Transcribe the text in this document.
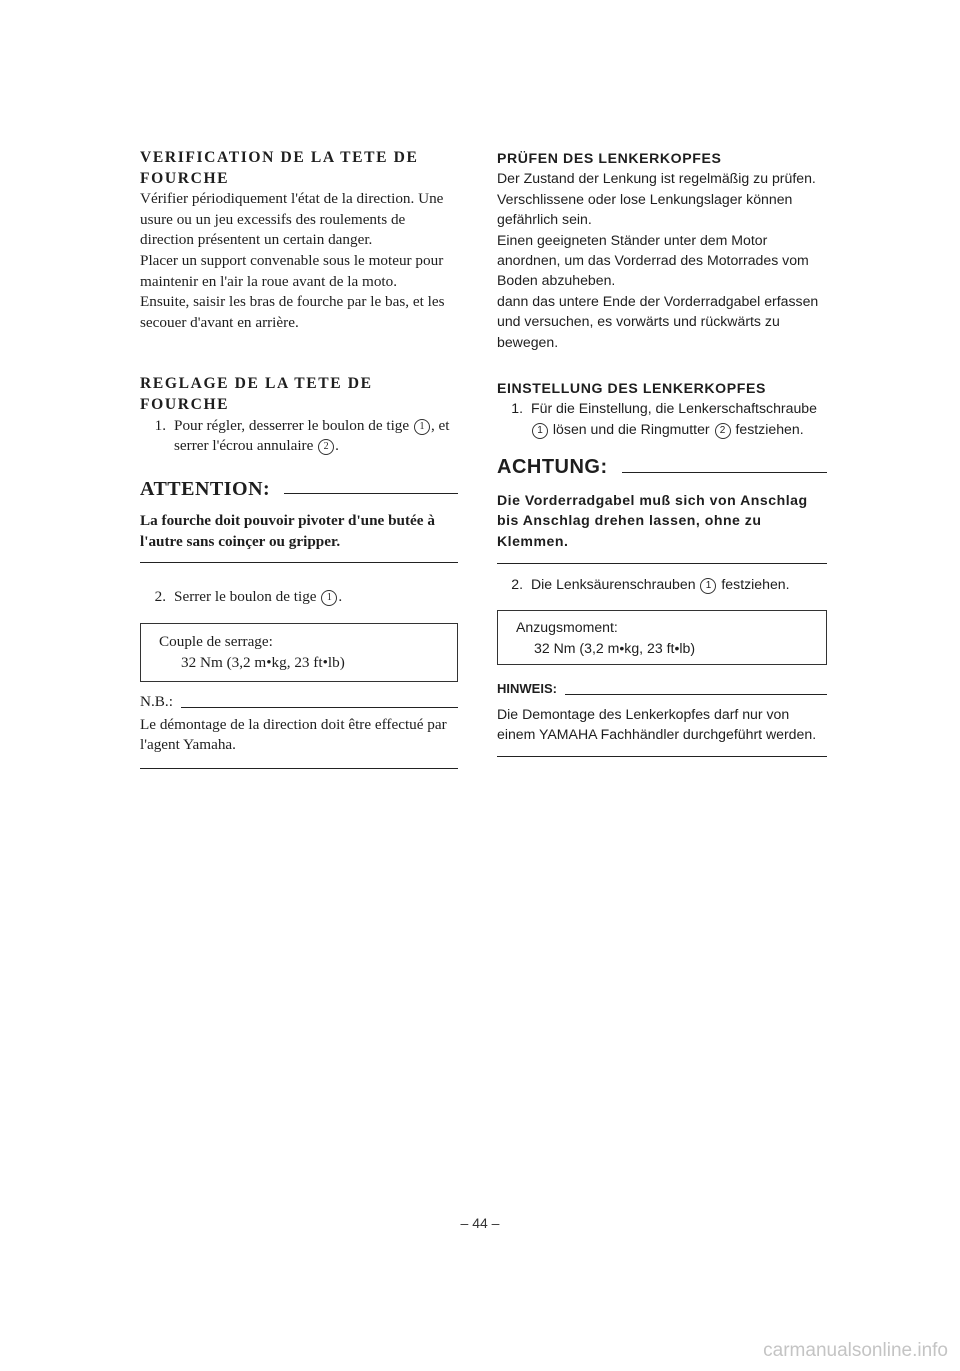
VERIFICATION DE LA TETE DE FOURCHE

Vérifier périodiquement l'état de la direction. Une usure ou un jeu excessifs des roulements de direction présentent un certain danger.

Placer un support convenable sous le moteur pour maintenir en l'air la roue avant de la moto.

Ensuite, saisir les bras de fourche par le bas, et les secouer d'avant en arrière.

REGLAGE DE LA TETE DE FOURCHE

1. Pour régler, desserrer le boulon de tige 1 , et serrer l'écrou annulaire 2 .
ATTENTION:

La fourche doit pouvoir pivoter d'une butée à l'autre sans coinçer ou gripper.

2. Serrer le boulon de tige 1 .

Couple de serrage:

32 Nm (3,2 m•kg, 23 ft•lb)

N.B.:

Le démontage de la direction doit être effectué par l'agent Yamaha.

PRÜFEN DES LENKERKOPFES

Der Zustand der Lenkung ist regelmäßig zu prüfen. Verschlissene oder lose Lenkungslager können gefährlich sein.

Einen geeigneten Ständer unter dem Motor anordnen, um das Vorderrad des Motorrades vom Boden abzuheben.

dann das untere Ende der Vorderradgabel erfassen und versuchen, es vorwärts und rückwärts zu bewegen.

EINSTELLUNG DES LENKERKOPFES

1. Für die Einstellung, die Lenkerschaftschraube 1 lösen und die Ringmutter 2 festziehen.
ACHTUNG:

Die Vorderradgabel muß sich von Anschlag bis Anschlag drehen lassen, ohne zu Klemmen.

2. Die Lenksäurenschrauben 1 festziehen.

Anzugsmoment:

32 Nm (3,2 m•kg, 23 ft•lb)

HINWEIS:

Die Demontage des Lenkerkopfes darf nur von einem YAMAHA Fachhändler durchgeführt werden.

– 44 –
carmanualsonline.info
